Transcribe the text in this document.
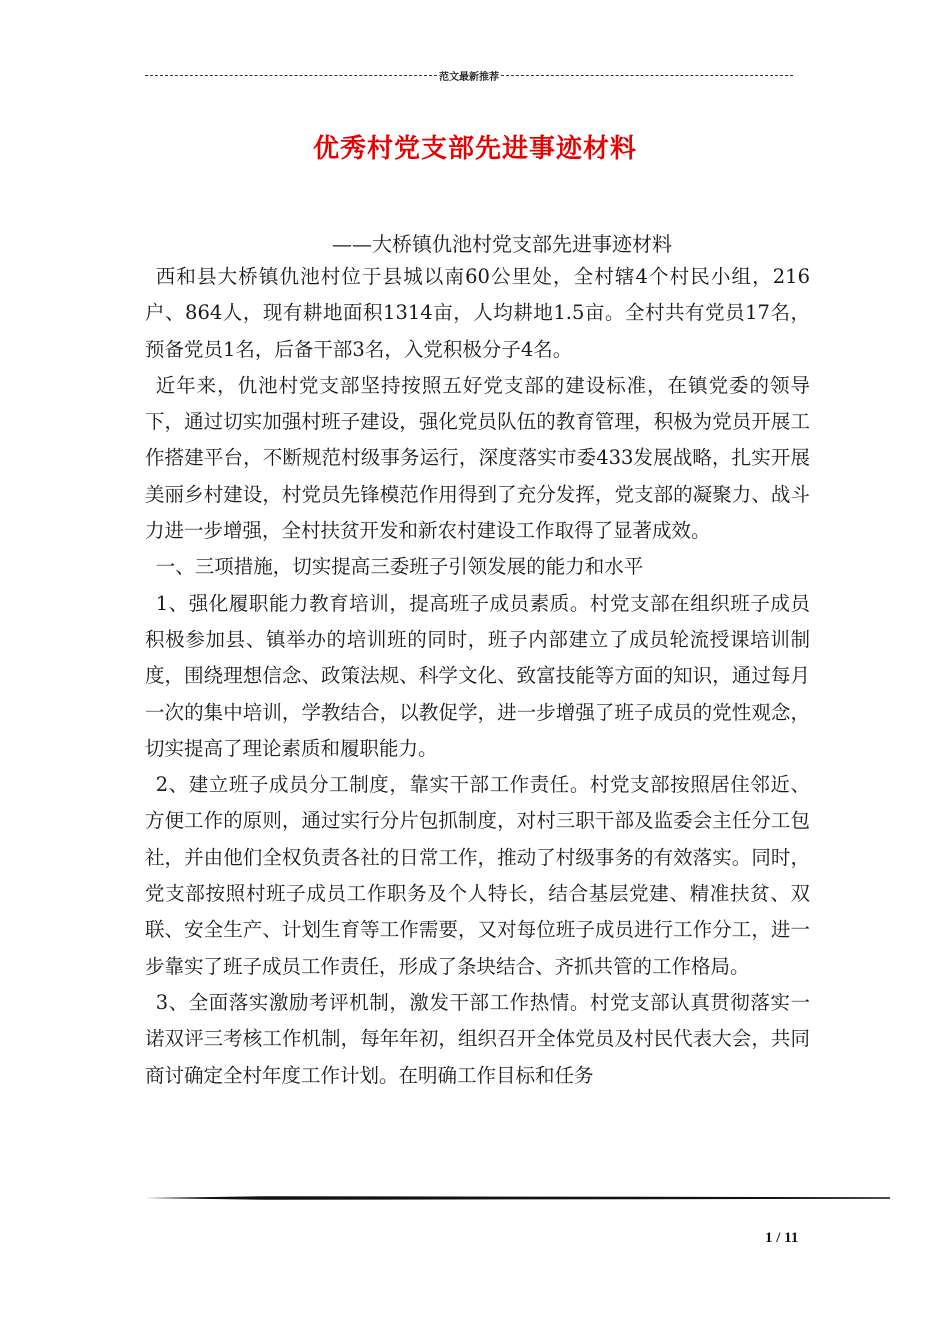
范文最新推荐
优秀村党支部先进事迹材料
——大桥镇仇池村党支部先进事迹材料

西和县大桥镇仇池村位于县城以南60公里处，全村辖4个村民小组，216户、864人，现有耕地面积1314亩，人均耕地1.5亩。全村共有党员17名，预备党员1名，后备干部3名，入党积极分子4名。

近年来，仇池村党支部坚持按照五好党支部的建设标准，在镇党委的领导下，通过切实加强村班子建设，强化党员队伍的教育管理，积极为党员开展工作搭建平台，不断规范村级事务运行，深度落实市委433发展战略，扎实开展美丽乡村建设，村党员先锋模范作用得到了充分发挥，党支部的凝聚力、战斗力进一步增强，全村扶贫开发和新农村建设工作取得了显著成效。

一、三项措施，切实提高三委班子引领发展的能力和水平

1、强化履职能力教育培训，提高班子成员素质。村党支部在组织班子成员积极参加县、镇举办的培训班的同时，班子内部建立了成员轮流授课培训制度，围绕理想信念、政策法规、科学文化、致富技能等方面的知识，通过每月一次的集中培训，学教结合，以教促学，进一步增强了班子成员的党性观念，切实提高了理论素质和履职能力。

2、建立班子成员分工制度，靠实干部工作责任。村党支部按照居住邻近、方便工作的原则，通过实行分片包抓制度，对村三职干部及监委会主任分工包社，并由他们全权负责各社的日常工作，推动了村级事务的有效落实。同时，党支部按照村班子成员工作职务及个人特长，结合基层党建、精准扶贫、双联、安全生产、计划生育等工作需要，又对每位班子成员进行工作分工，进一步靠实了班子成员工作责任，形成了条块结合、齐抓共管的工作格局。

3、全面落实激励考评机制，激发干部工作热情。村党支部认真贯彻落实一诺双评三考核工作机制，每年年初，组织召开全体党员及村民代表大会，共同商讨确定全村年度工作计划。在明确工作目标和任务

1 / 11
